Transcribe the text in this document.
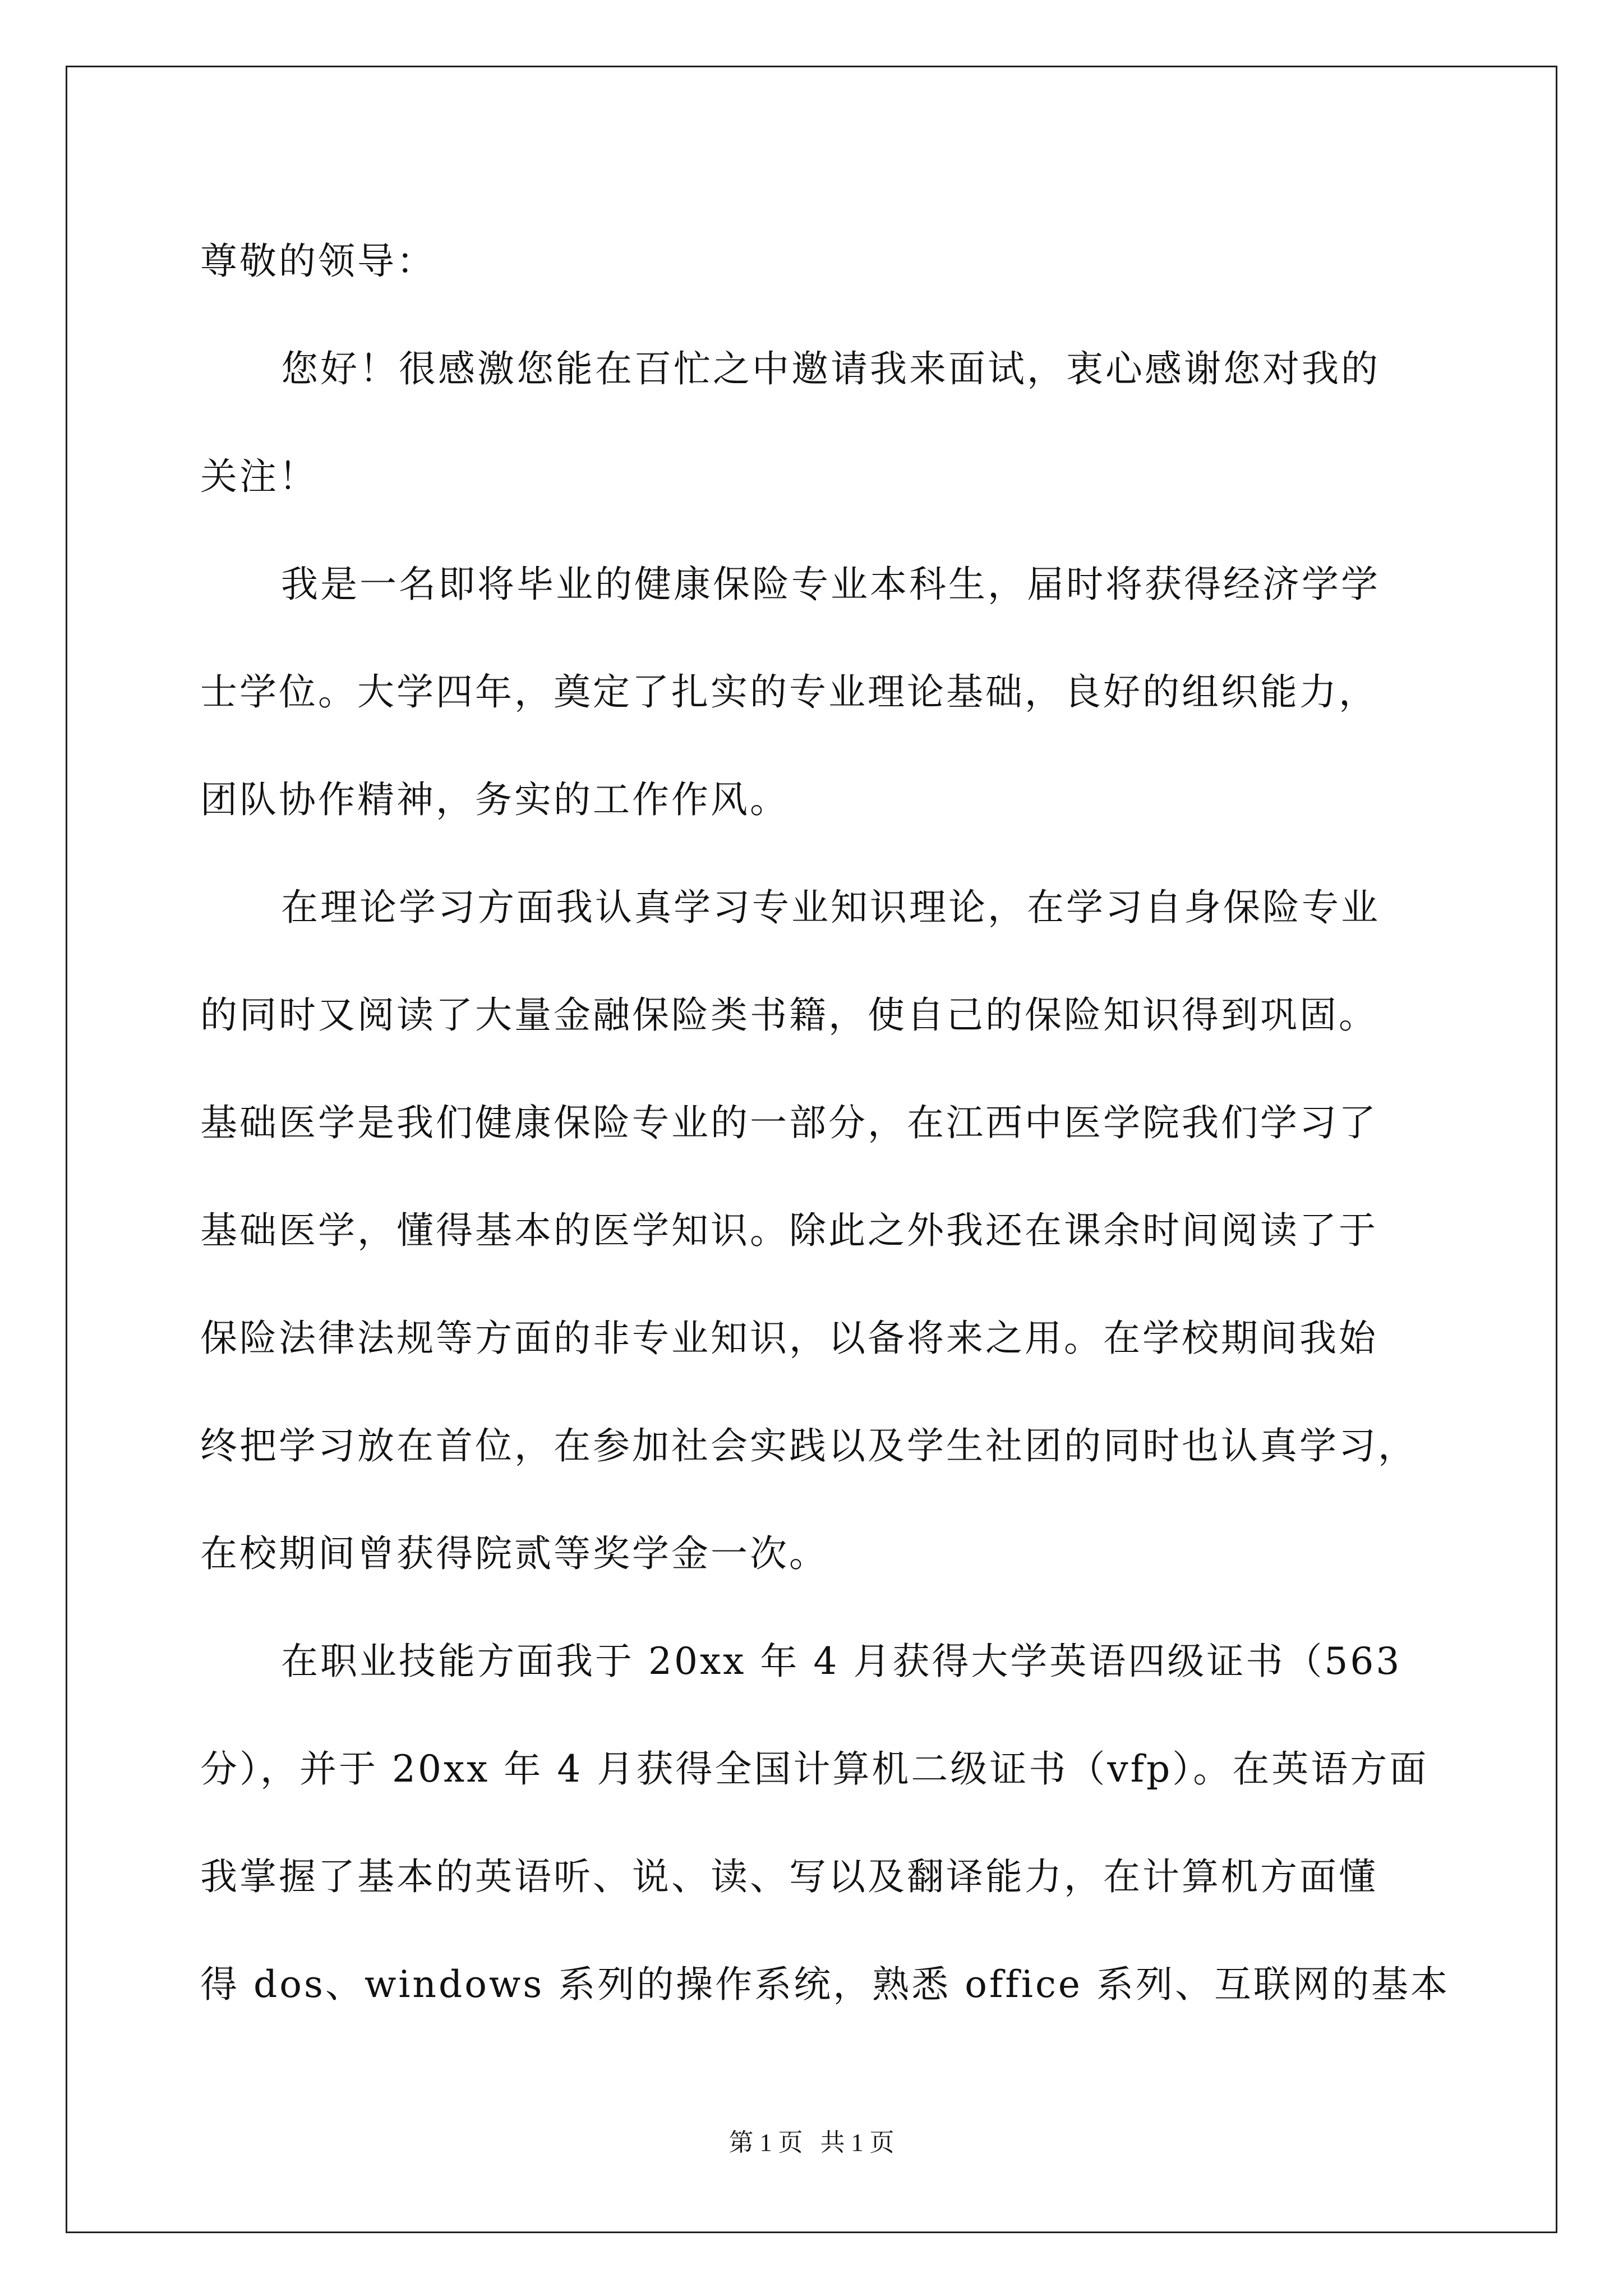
尊敬的领导：

您好！很感激您能在百忙之中邀请我来面试，衷心感谢您对我的

关注！

我是一名即将毕业的健康保险专业本科生，届时将获得经济学学

士学位。大学四年，奠定了扎实的专业理论基础，良好的组织能力，

团队协作精神，务实的工作作风。

在理论学习方面我认真学习专业知识理论，在学习自身保险专业

的同时又阅读了大量金融保险类书籍，使自己的保险知识得到巩固。

基础医学是我们健康保险专业的一部分，在江西中医学院我们学习了

基础医学，懂得基本的医学知识。除此之外我还在课余时间阅读了于

保险法律法规等方面的非专业知识，以备将来之用。在学校期间我始

终把学习放在首位，在参加社会实践以及学生社团的同时也认真学习，

在校期间曾获得院贰等奖学金一次。

在职业技能方面我于 20xx 年 4 月获得大学英语四级证书（563

分），并于 20xx 年 4 月获得全国计算机二级证书（vfp）。在英语方面

我掌握了基本的英语听、说、读、写以及翻译能力，在计算机方面懂

得 dos、windows 系列的操作系统，熟悉 office 系列、互联网的基本

第 1 页 共 1 页
